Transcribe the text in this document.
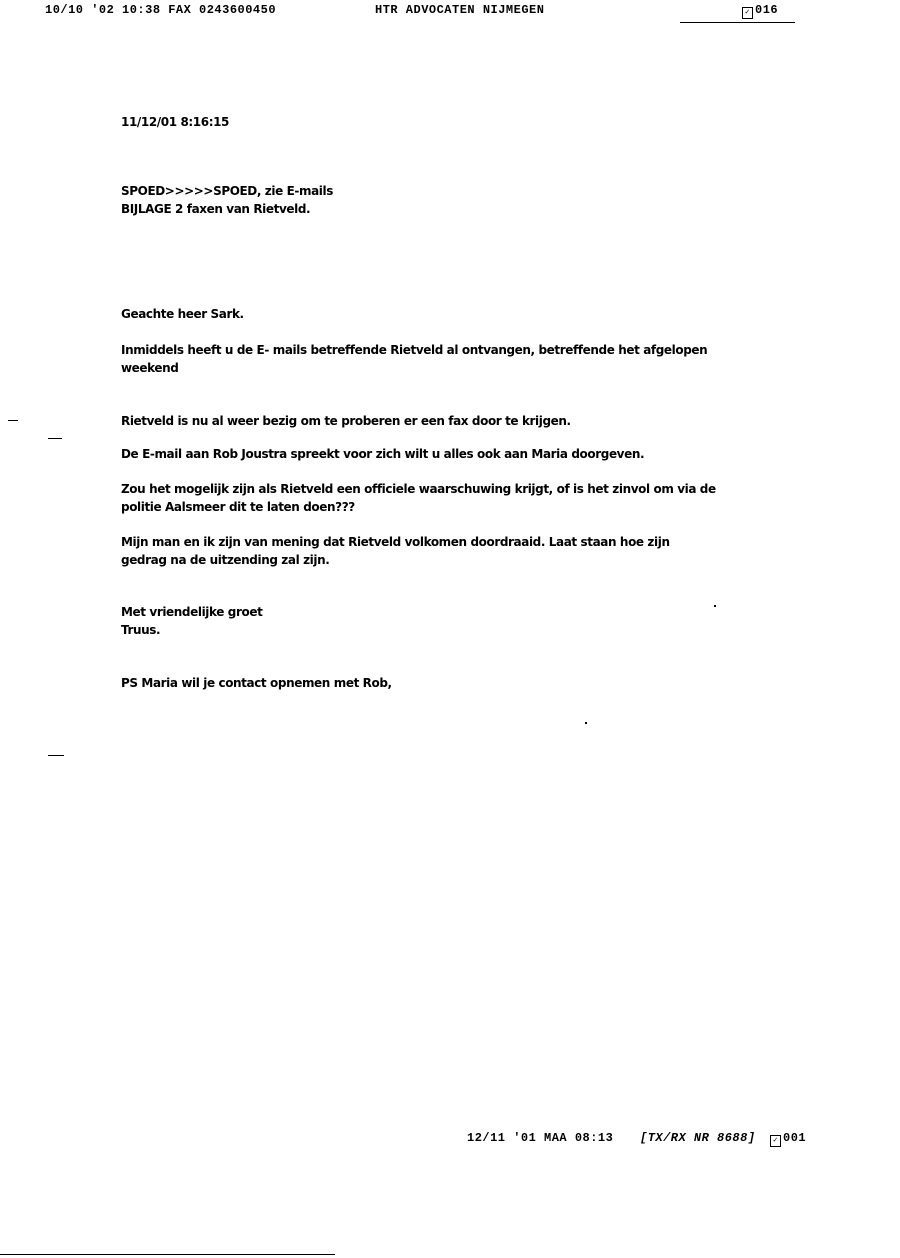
10/10 '02 10:38 FAX 0243600450	HTR ADVOCATEN NIJMEGEN	✓ 016
11/12/01 8:16:15
SPOED>>>>>SPOED, zie E-mails
BIJLAGE 2 faxen van Rietveld.
Geachte heer Sark.
Inmiddels heeft u de E- mails betreffende Rietveld al ontvangen, betreffende het afgelopen weekend
Rietveld is nu al weer bezig om te proberen er een fax door te krijgen.
De E-mail aan Rob Joustra spreekt voor zich wilt u alles ook aan Maria doorgeven.
Zou het mogelijk zijn als Rietveld een officiele waarschuwing krijgt, of is het zinvol om via de politie Aalsmeer dit te laten doen???
Mijn man en ik zijn van mening dat Rietveld volkomen doordraaid. Laat staan hoe zijn gedrag na de uitzending zal zijn.
Met vriendelijke groet
Truus.
PS Maria wil je contact opnemen met Rob,
12/11 '01 MAA 08:13 [TX/RX NR 8688]	✓ 001
